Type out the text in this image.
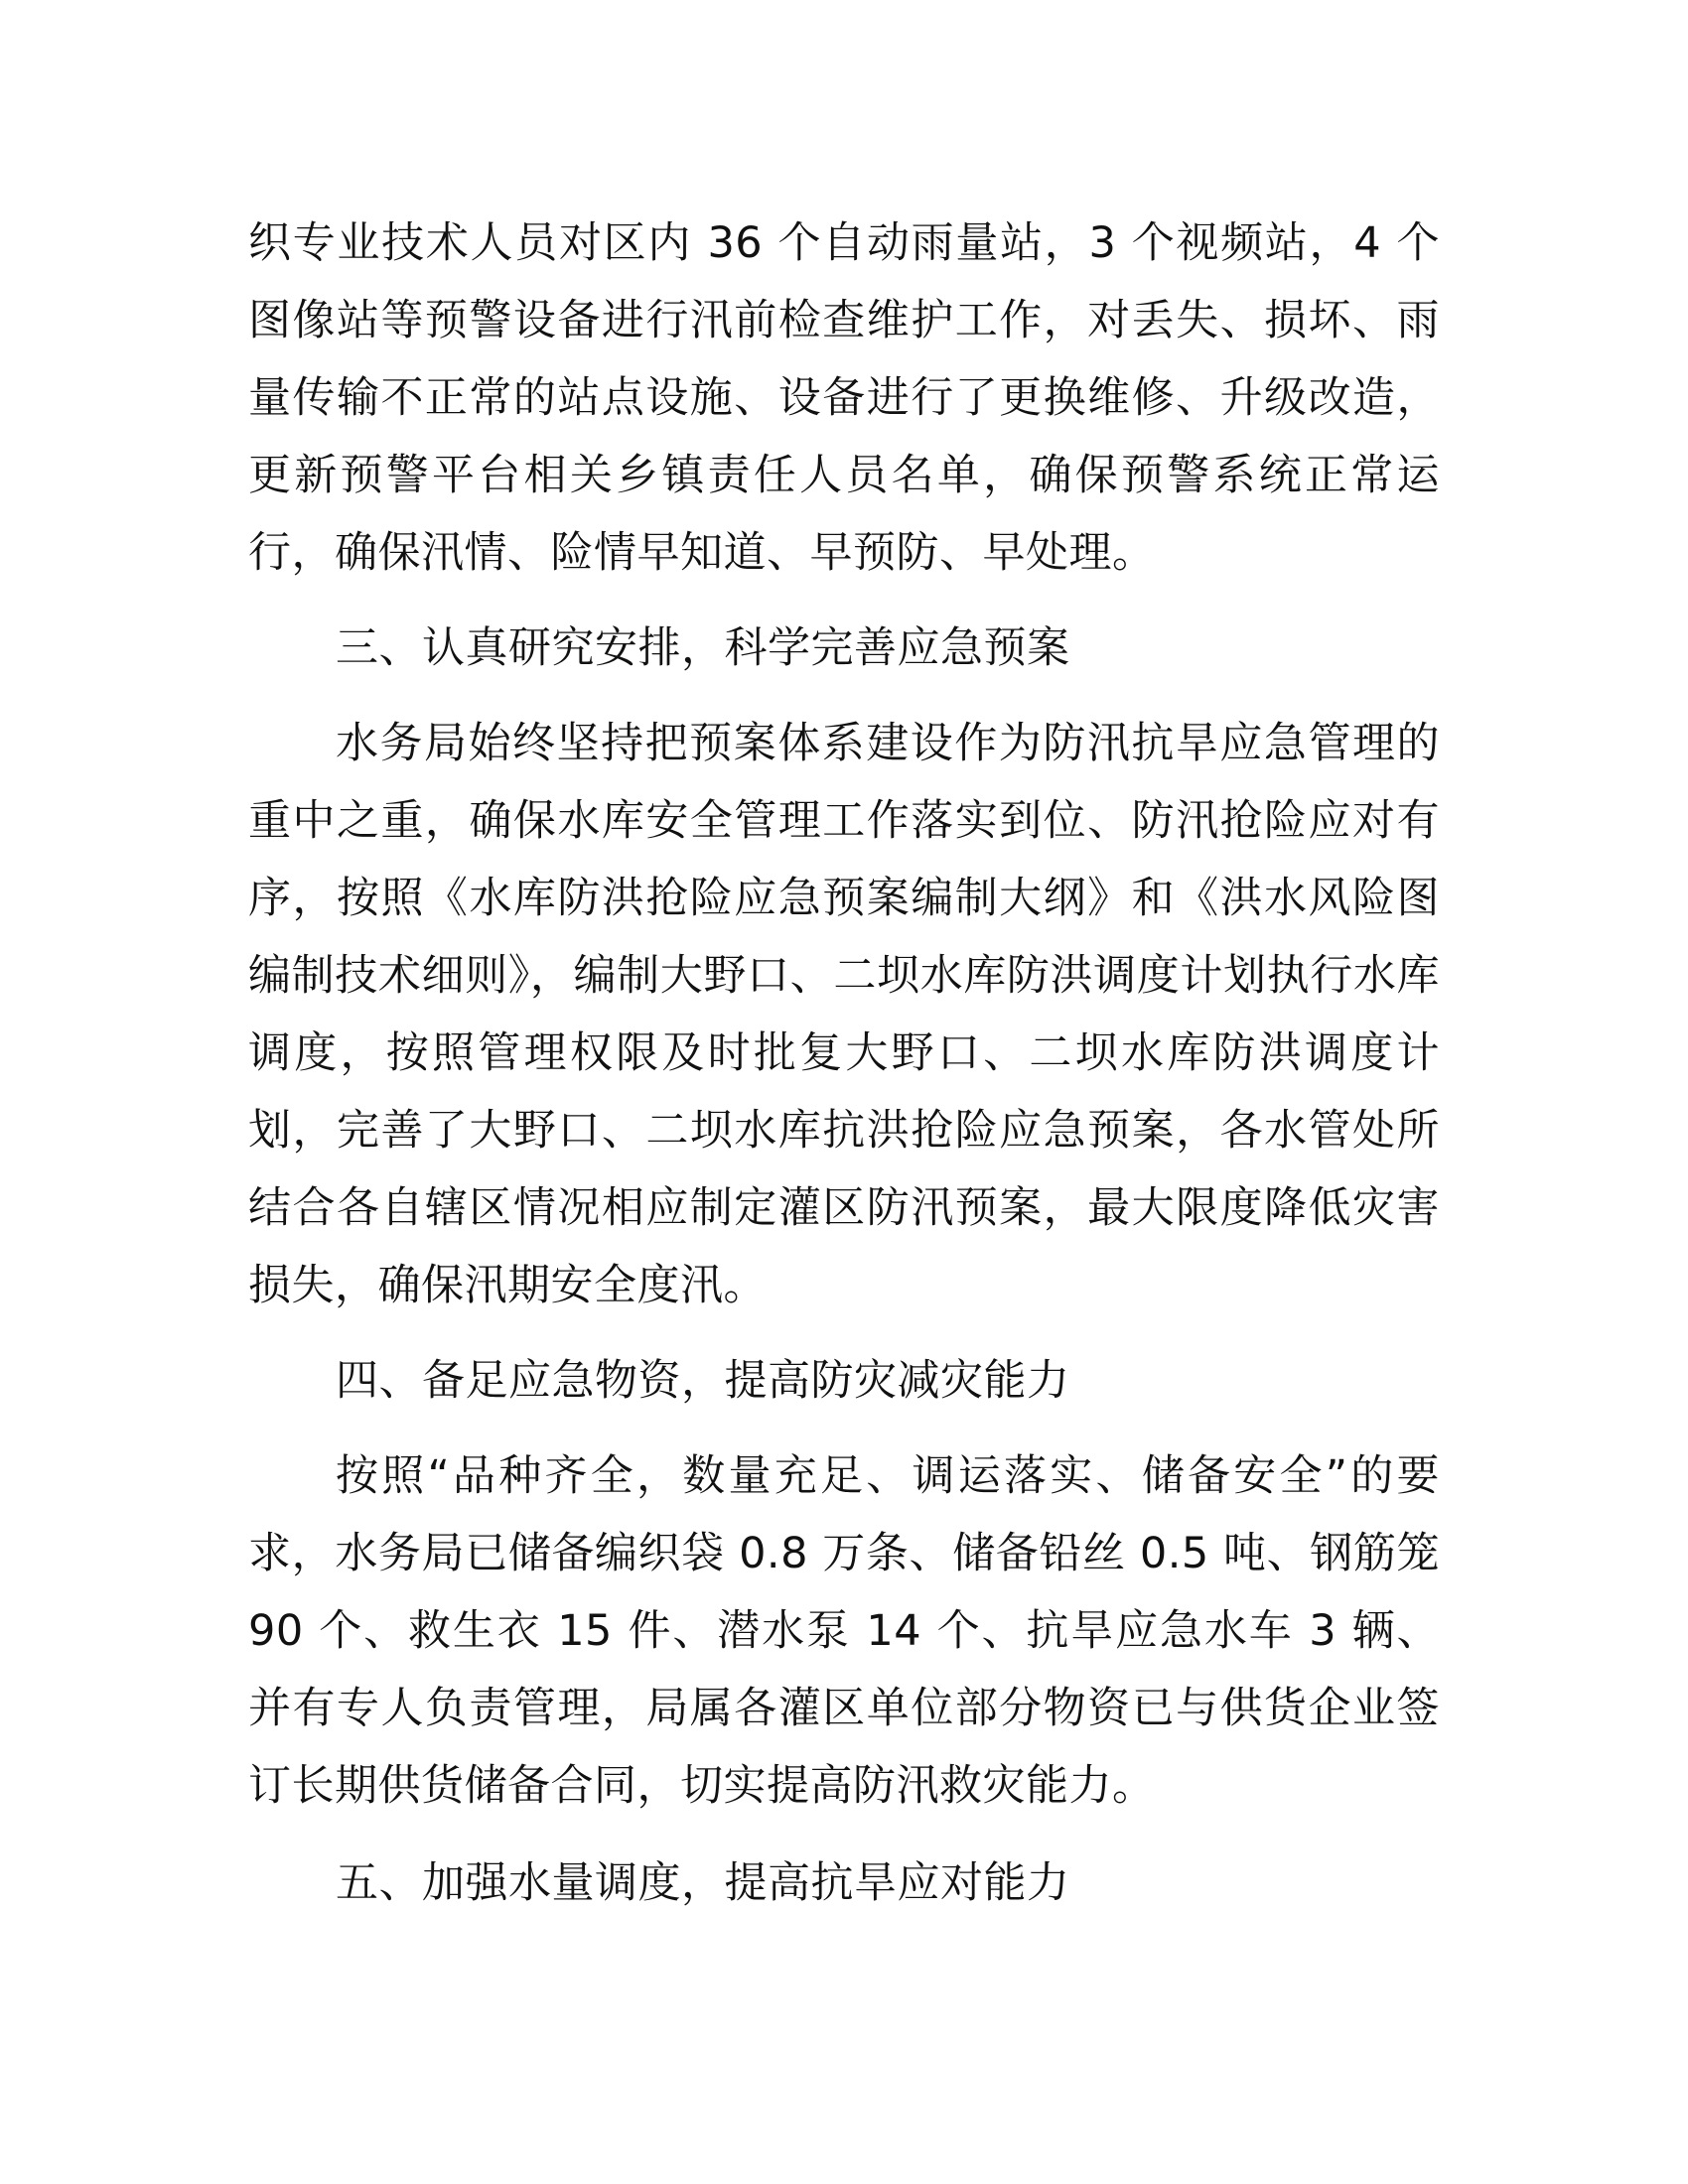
织专业技术人员对区内 36 个自动雨量站，3 个视频站，4 个图像站等预警设备进行汛前检查维护工作，对丢失、损坏、雨量传输不正常的站点设施、设备进行了更换维修、升级改造，更新预警平台相关乡镇责任人员名单，确保预警系统正常运行，确保汛情、险情早知道、早预防、早处理。

三、认真研究安排，科学完善应急预案

水务局始终坚持把预案体系建设作为防汛抗旱应急管理的重中之重，确保水库安全管理工作落实到位、防汛抢险应对有序，按照《水库防洪抢险应急预案编制大纲》和《洪水风险图编制技术细则》，编制大野口、二坝水库防洪调度计划执行水库调度，按照管理权限及时批复大野口、二坝水库防洪调度计划，完善了大野口、二坝水库抗洪抢险应急预案，各水管处所结合各自辖区情况相应制定灌区防汛预案，最大限度降低灾害损失，确保汛期安全度汛。

四、备足应急物资，提高防灾减灾能力

按照“品种齐全，数量充足、调运落实、储备安全”的要求，水务局已储备编织袋 0.8 万条、储备铅丝 0.5 吨、钢筋笼 90 个、救生衣 15 件、潜水泵 14 个、抗旱应急水车 3 辆、并有专人负责管理，局属各灌区单位部分物资已与供货企业签订长期供货储备合同，切实提高防汛救灾能力。

五、加强水量调度，提高抗旱应对能力
